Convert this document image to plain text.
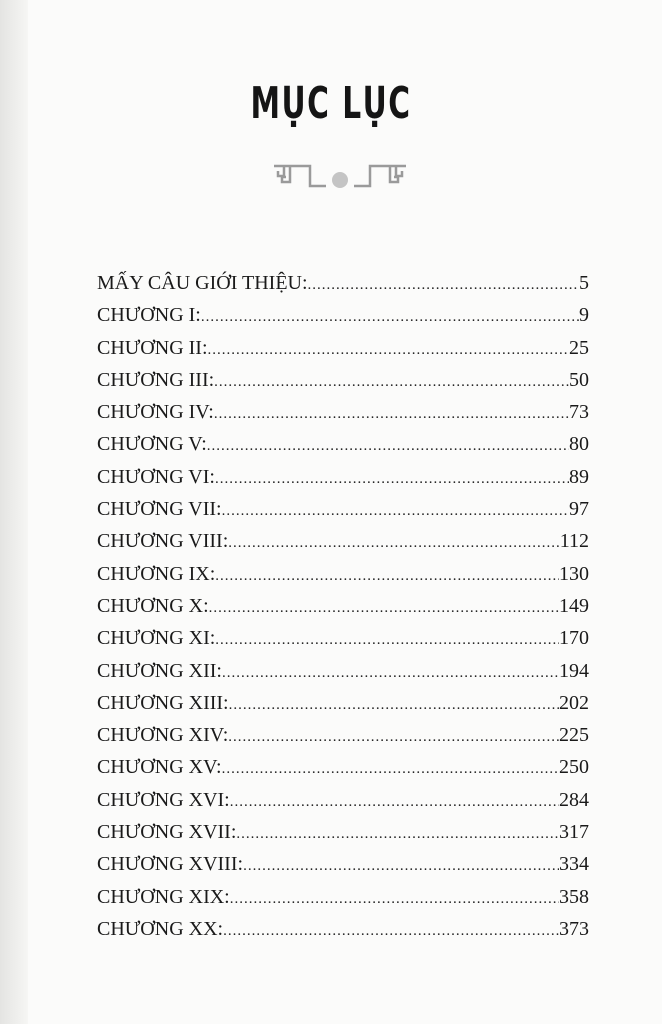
MỤC LỤC
MẤY CÂU GIỚI THIỆU: .....	5
CHƯƠNG I: .....	9
CHƯƠNG II: .....	25
CHƯƠNG III: .....	50
CHƯƠNG IV: .....	73
CHƯƠNG V: .....	80
CHƯƠNG VI: .....	89
CHƯƠNG VII: .....	97
CHƯƠNG VIII: .....	112
CHƯƠNG IX: .....	130
CHƯƠNG X: .....	149
CHƯƠNG XI: .....	170
CHƯƠNG XII: .....	194
CHƯƠNG XIII: .....	202
CHƯƠNG XIV: .....	225
CHƯƠNG XV: .....	250
CHƯƠNG XVI: .....	284
CHƯƠNG XVII: .....	317
CHƯƠNG XVIII: .....	334
CHƯƠNG XIX: .....	358
CHƯƠNG XX: .....	373
